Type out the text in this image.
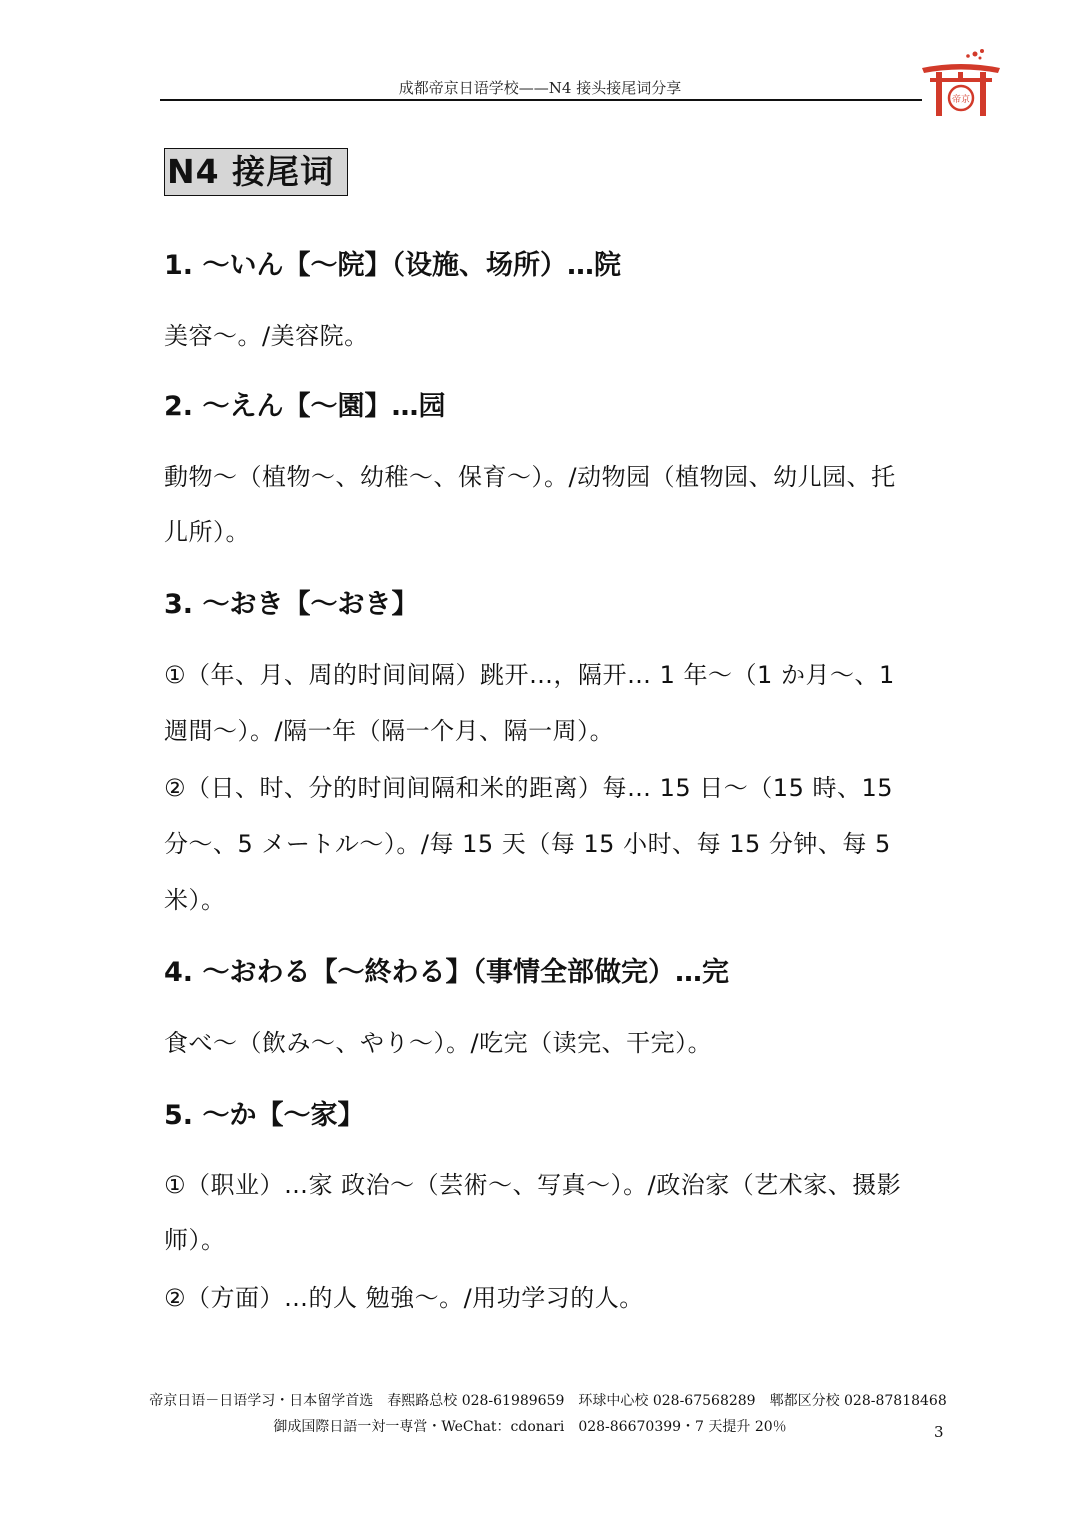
成都帝京日语学校——N4 接头接尾词分享
帝京
N4 接尾词
1. 〜いん【〜院】（设施、场所）…院
美容〜。/美容院。
2. 〜えん【〜園】…园
動物〜（植物〜、幼稚〜、保育〜）。/动物园（植物园、幼儿园、托
儿所）。
3. 〜おき【〜おき】
①（年、月、周的时间间隔）跳开…，隔开… 1 年〜（1 か月〜、1
週間〜）。/隔一年（隔一个月、隔一周）。
②（日、时、分的时间间隔和米的距离）每… 15 日〜（15 時、15
分〜、5 メートル〜）。/每 15 天（每 15 小时、每 15 分钟、每 5
米）。
4. 〜おわる【〜終わる】（事情全部做完）…完
食べ〜（飲み〜、やり〜）。/吃完（读完、干完）。
5. 〜か【〜家】
①（职业）…家 政治〜（芸術〜、写真〜）。/政治家（艺术家、摄影
师）。
②（方面）…的人 勉強〜。/用功学习的人。
帝京日语－日语学习・日本留学首选　春熙路总校 028-61989659　环球中心校 028-67568289　郫都区分校 028-87818468
御成国際日語一対一専営・WeChat：cdonari　028-86670399・7 天提升 20％	3
